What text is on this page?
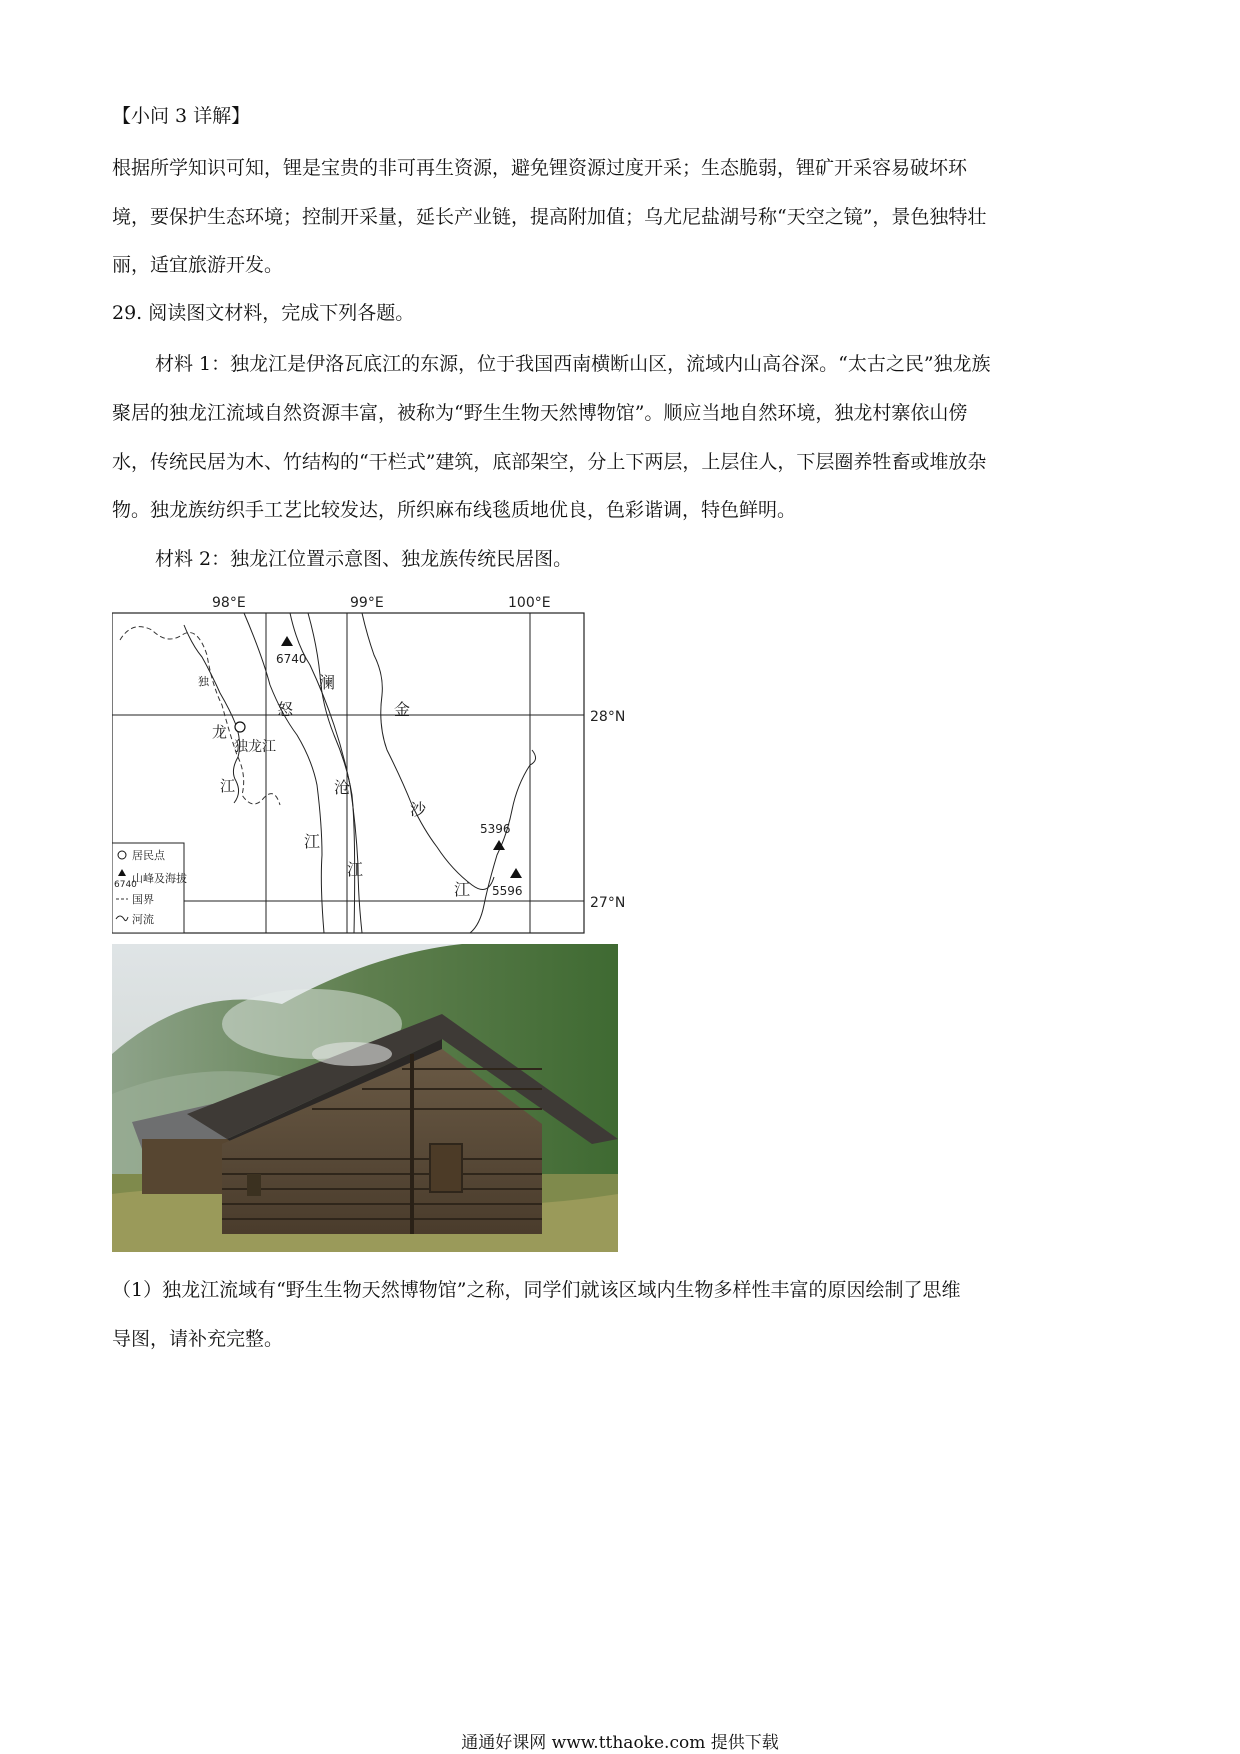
【小问 3 详解】
根据所学知识可知，锂是宝贵的非可再生资源，避免锂资源过度开采；生态脆弱，锂矿开采容易破坏环
境，要保护生态环境；控制开采量，延长产业链，提高附加值；乌尤尼盐湖号称“天空之镜”，景色独特壮
丽，适宜旅游开发。
29. 阅读图文材料，完成下列各题。
材料 1：独龙江是伊洛瓦底江的东源，位于我国西南横断山区，流域内山高谷深。“太古之民”独龙族
聚居的独龙江流域自然资源丰富，被称为“野生生物天然博物馆”。顺应当地自然环境，独龙村寨依山傍
水，传统民居为木、竹结构的“干栏式”建筑，底部架空，分上下两层，上层住人，下层圈养牲畜或堆放杂
物。独龙族纺织手工艺比较发达，所织麻布线毯质地优良，色彩谐调，特色鲜明。
材料 2：独龙江位置示意图、独龙族传统民居图。
98°E	99°E	100°E
28°N
27°N
独
龙
江
怒
江
澜
沧
江
金
沙
江
6740
5396
5596
独龙江
居民点
6740
山峰及海拔
国界
河流
（1）独龙江流域有“野生生物天然博物馆”之称，同学们就该区域内生物多样性丰富的原因绘制了思维
导图，请补充完整。
通通好课网 www.tthaoke.com 提供下载
